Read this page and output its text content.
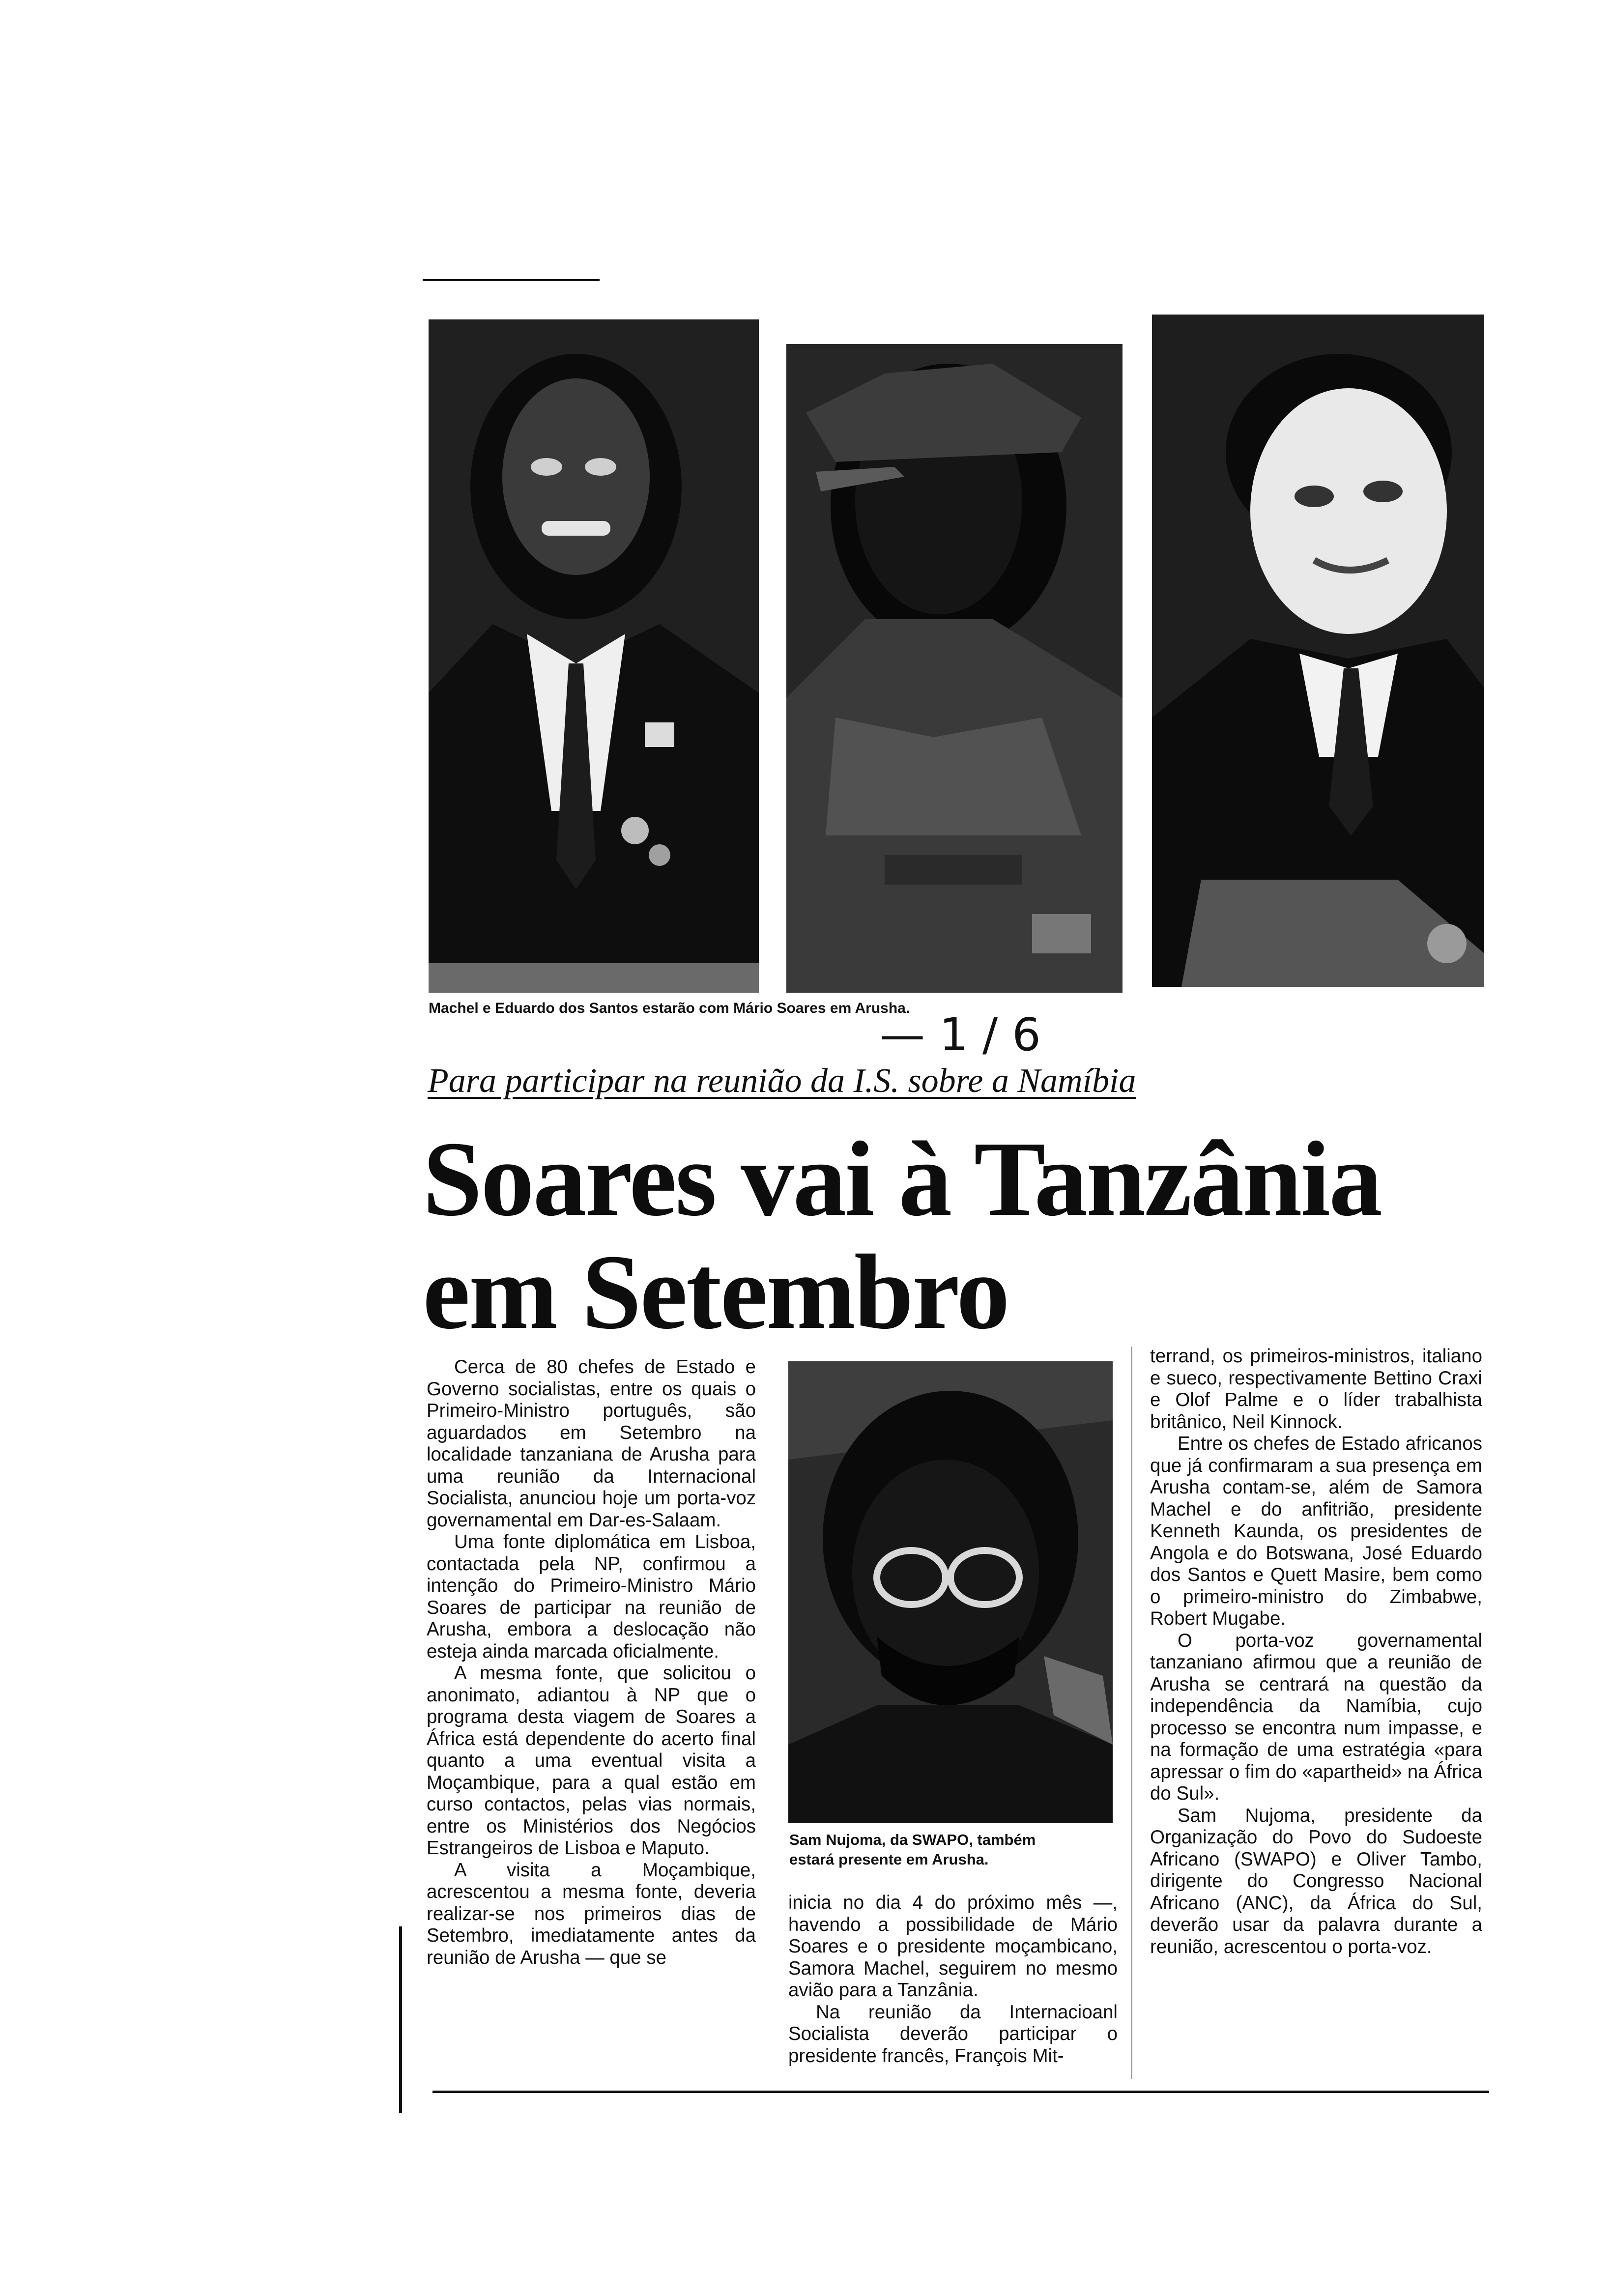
Machel e Eduardo dos Santos estarão com Mário Soares em Arusha.
— 1 / 6
Para participar na reunião da I.S. sobre a Namíbia
Soares vai à Tanzânia
em Setembro

Cerca de 80 chefes de Estado e Governo socialistas, entre os quais o Primeiro-Ministro português, são aguardados em Setembro na localidade tanzaniana de Arusha para uma reunião da Internacional Socialista, anunciou hoje um porta-voz governamental em Dar-es-Salaam.

Uma fonte diplomática em Lisboa, contactada pela NP, confirmou a intenção do Primeiro-Ministro Mário Soares de participar na reunião de Arusha, embora a deslocação não esteja ainda marcada oficialmente.

A mesma fonte, que solicitou o anonimato, adiantou à NP que o programa desta viagem de Soares a África está dependente do acerto final quanto a uma eventual visita a Moçambique, para a qual estão em curso contactos, pelas vias normais, entre os Ministérios dos Negócios Estrangeiros de Lisboa e Maputo.

A visita a Moçambique, acrescentou a mesma fonte, deveria realizar-se nos primeiros dias de Setembro, imediatamente antes da reunião de Arusha — que se

Sam Nujoma, da SWAPO, também
estará presente em Arusha.

inicia no dia 4 do próximo mês —, havendo a possibilidade de Mário Soares e o presidente moçambicano, Samora Machel, seguirem no mesmo avião para a Tanzânia.

Na reunião da Internacioanl Socialista deverão participar o presidente francês, François Mit-

terrand, os primeiros-ministros, italiano e sueco, respectivamente Bettino Craxi e Olof Palme e o líder trabalhista britânico, Neil Kinnock.

Entre os chefes de Estado africanos que já confirmaram a sua presença em Arusha contam-se, além de Samora Machel e do anfitrião, presidente Kenneth Kaunda, os presidentes de Angola e do Botswana, José Eduardo dos Santos e Quett Masire, bem como o primeiro-ministro do Zimbabwe, Robert Mugabe.

O porta-voz governamental tanzaniano afirmou que a reunião de Arusha se centrará na questão da independência da Namíbia, cujo processo se encontra num impasse, e na formação de uma estratégia «para apressar o fim do «apartheid» na África do Sul».

Sam Nujoma, presidente da Organização do Povo do Sudoeste Africano (SWAPO) e Oliver Tambo, dirigente do Congresso Nacional Africano (ANC), da África do Sul, deverão usar da palavra durante a reunião, acrescentou o porta-voz.
